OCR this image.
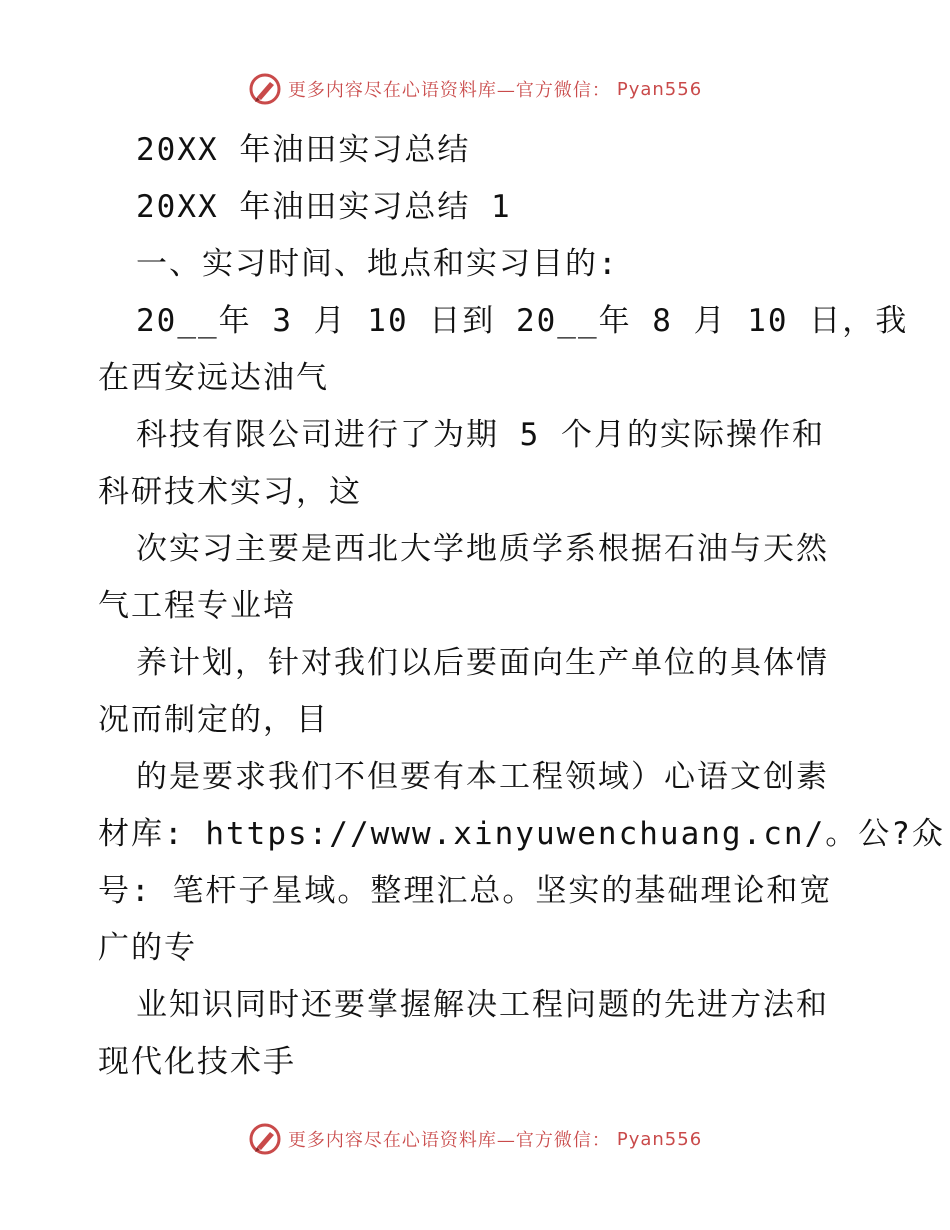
更多内容尽在心语资料库—官方微信： Pyan556
20XX 年油田实习总结
20XX 年油田实习总结 1
一、实习时间、地点和实习目的:
20__年 3 月 10 日到 20__年 8 月 10 日，我
在西安远达油气
科技有限公司进行了为期 5 个月的实际操作和
科研技术实习，这
次实习主要是西北大学地质学系根据石油与天然
气工程专业培
养计划，针对我们以后要面向生产单位的具体情
况而制定的，目
的是要求我们不但要有本工程领域）心语文创素
材库: https://www.xinyuwenchuang.cn/。公?众
号: 笔杆子星域。整理汇总。坚实的基础理论和宽
广的专
业知识同时还要掌握解决工程问题的先进方法和
现代化技术手
更多内容尽在心语资料库—官方微信： Pyan556
